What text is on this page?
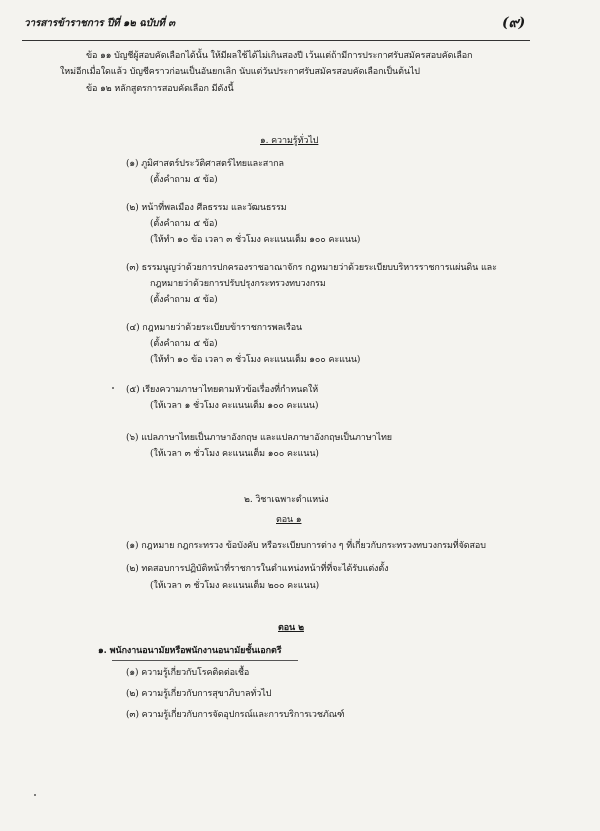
วารสารข้าราชการ ปีที่ ๑๒ ฉบับที่ ๓	(๙)
ข้อ ๑๑ บัญชีผู้สอบคัดเลือกได้นั้น ให้มีผลใช้ได้ไม่เกินสองปี เว้นแต่ถ้ามีการประกาศรับสมัครสอบคัดเลือก
ใหม่อีกเมื่อใดแล้ว บัญชีคราวก่อนเป็นอันยกเลิก นับแต่วันประกาศรับสมัครสอบคัดเลือกเป็นต้นไป
ข้อ ๑๒ หลักสูตรการสอบคัดเลือก มีดังนี้
๑. ความรู้ทั่วไป
(๑) ภูมิศาสตร์ประวัติศาสตร์ไทยและสากล
(ตั้งคำถาม ๕ ข้อ)
(๒) หน้าที่พลเมือง ศีลธรรม และวัฒนธรรม
(ตั้งคำถาม ๕ ข้อ)
(ให้ทำ ๑๐ ข้อ เวลา ๓ ชั่วโมง คะแนนเต็ม ๑๐๐ คะแนน)
(๓) ธรรมนูญว่าด้วยการปกครองราชอาณาจักร กฎหมายว่าด้วยระเบียบบริหารราชการแผ่นดิน และ
กฎหมายว่าด้วยการปรับปรุงกระทรวงทบวงกรม
(ตั้งคำถาม ๕ ข้อ)
(๔) กฎหมายว่าด้วยระเบียบข้าราชการพลเรือน
(ตั้งคำถาม ๕ ข้อ)
(ให้ทำ ๑๐ ข้อ เวลา ๓ ชั่วโมง คะแนนเต็ม ๑๐๐ คะแนน)
(๕) เรียงความภาษาไทยตามหัวข้อเรื่องที่กำหนดให้
(ให้เวลา ๑ ชั่วโมง คะแนนเต็ม ๑๐๐ คะแนน)
(๖) แปลภาษาไทยเป็นภาษาอังกฤษ และแปลภาษาอังกฤษเป็นภาษาไทย
(ให้เวลา ๓ ชั่วโมง คะแนนเต็ม ๑๐๐ คะแนน)
๒. วิชาเฉพาะตำแหน่ง
ตอน ๑
(๑) กฎหมาย กฎกระทรวง ข้อบังคับ หรือระเบียบการต่าง ๆ ที่เกี่ยวกับกระทรวงทบวงกรมที่จัดสอบ
(๒) ทดสอบการปฏิบัติหน้าที่ราชการในตำแหน่งหน้าที่ที่จะได้รับแต่งตั้ง
(ให้เวลา ๓ ชั่วโมง คะแนนเต็ม ๒๐๐ คะแนน)
ตอน ๒
๑. พนักงานอนามัยหรือพนักงานอนามัยชั้นเอกตรี
(๑) ความรู้เกี่ยวกับโรคติดต่อเชื้อ
(๒) ความรู้เกี่ยวกับการสุขาภิบาลทั่วไป
(๓) ความรู้เกี่ยวกับการจัดอุปกรณ์และการบริการเวชภัณฑ์
